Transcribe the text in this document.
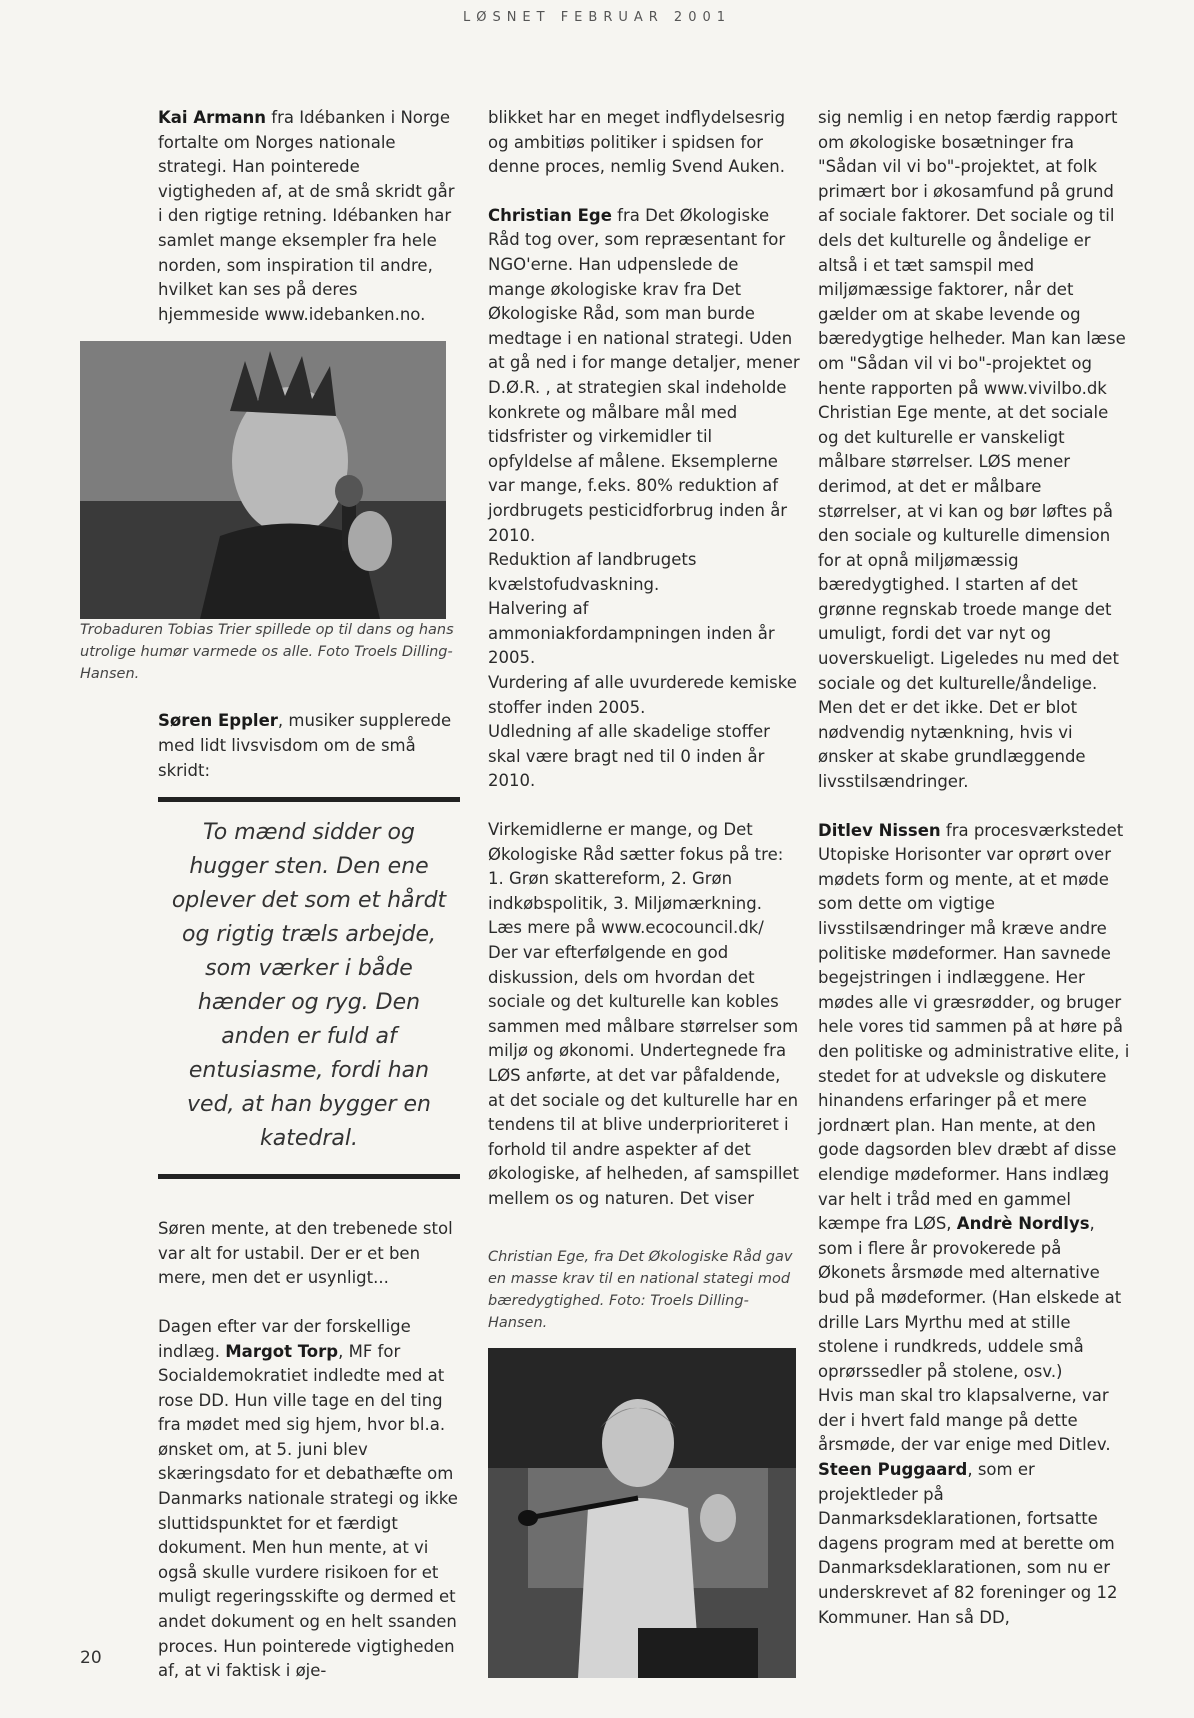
LØSNET FEBRUAR 2001

Kai Armann fra Idébanken i Norge fortalte om Norges nationale strategi. Han pointerede vigtigheden af, at de små skridt går i den rigtige retning. Idébanken har samlet mange eksempler fra hele norden, som inspiration til andre, hvilket kan ses på deres hjemmeside www.idebanken.no.

Trobaduren Tobias Trier spillede op til dans og hans utrolige humør varmede os alle. Foto Troels Dilling-Hansen.

Søren Eppler, musiker supplerede med lidt livsvisdom om de små skridt:

To mænd sidder og hugger sten. Den ene oplever det som et hårdt og rigtig træls arbejde, som værker i både hænder og ryg. Den anden er fuld af entusiasme, fordi han ved, at han bygger en katedral.

Søren mente, at den trebenede stol var alt for ustabil. Der er et ben mere, men det er usynligt...

Dagen efter var der forskellige indlæg. Margot Torp, MF for Socialdemokratiet indledte med at rose DD. Hun ville tage en del ting fra mødet med sig hjem, hvor bl.a. ønsket om, at 5. juni blev skæringsdato for et debathæfte om Danmarks nationale strategi og ikke sluttidspunktet for et færdigt dokument. Men hun mente, at vi også skulle vurdere risikoen for et muligt regeringsskifte og dermed et andet dokument og en helt ssanden proces. Hun pointerede vigtigheden af, at vi faktisk i øje-

blikket har en meget indflydelsesrig og ambitiøs politiker i spidsen for denne proces, nemlig Svend Auken.

Christian Ege fra Det Økologiske Råd tog over, som repræsentant for NGO'erne. Han udpenslede de mange økologiske krav fra Det Økologiske Råd, som man burde medtage i en national strategi. Uden at gå ned i for mange detaljer, mener D.Ø.R. , at strategien skal indeholde konkrete og målbare mål med tidsfrister og virkemidler til opfyldelse af målene. Eksemplerne var mange, f.eks. 80% reduktion af jordbrugets pesticidforbrug inden år 2010.

Reduktion af landbrugets kvælstofudvaskning.

Halvering af ammoniakfordampningen inden år 2005.

Vurdering af alle uvurderede kemiske stoffer inden 2005.

Udledning af alle skadelige stoffer skal være bragt ned til 0 inden år 2010.

Virkemidlerne er mange, og Det Økologiske Råd sætter fokus på tre: 1. Grøn skattereform, 2. Grøn indkøbspolitik, 3. Miljømærkning. Læs mere på www.ecocouncil.dk/

Der var efterfølgende en god diskussion, dels om hvordan det sociale og det kulturelle kan kobles sammen med målbare størrelser som miljø og økonomi. Undertegnede fra LØS anførte, at det var påfaldende, at det sociale og det kulturelle har en tendens til at blive underprioriteret i forhold til andre aspekter af det økologiske, af helheden, af samspillet mellem os og naturen. Det viser

Christian Ege, fra Det Økologiske Råd gav en masse krav til en national stategi mod bæredygtighed. Foto: Troels Dilling-Hansen.

sig nemlig i en netop færdig rapport om økologiske bosætninger fra "Sådan vil vi bo"-projektet, at folk primært bor i økosamfund på grund af sociale faktorer. Det sociale og til dels det kulturelle og åndelige er altså i et tæt samspil med miljømæssige faktorer, når det gælder om at skabe levende og bæredygtige helheder. Man kan læse om "Sådan vil vi bo"-projektet og hente rapporten på www.vivilbo.dk

Christian Ege mente, at det sociale og det kulturelle er vanskeligt målbare størrelser. LØS mener derimod, at det er målbare størrelser, at vi kan og bør løftes på den sociale og kulturelle dimension for at opnå miljømæssig bæredygtighed. I starten af det grønne regnskab troede mange det umuligt, fordi det var nyt og uoverskueligt. Ligeledes nu med det sociale og det kulturelle/åndelige. Men det er det ikke. Det er blot nødvendig nytænkning, hvis vi ønsker at skabe grundlæggende livsstilsændringer.

Ditlev Nissen fra procesværkstedet Utopiske Horisonter var oprørt over mødets form og mente, at et møde som dette om vigtige livsstilsændringer må kræve andre politiske mødeformer. Han savnede begejstringen i indlæggene. Her mødes alle vi græsrødder, og bruger hele vores tid sammen på at høre på den politiske og administrative elite, i stedet for at udveksle og diskutere hinandens erfaringer på et mere jordnært plan. Han mente, at den gode dagsorden blev dræbt af disse elendige mødeformer. Hans indlæg var helt i tråd med en gammel kæmpe fra LØS, Andrè Nordlys, som i flere år provokerede på Økonets årsmøde med alternative bud på mødeformer. (Han elskede at drille Lars Myrthu med at stille stolene i rundkreds, uddele små oprørssedler på stolene, osv.)

Hvis man skal tro klapsalverne, var der i hvert fald mange på dette årsmøde, der var enige med Ditlev.

Steen Puggaard, som er projektleder på Danmarksdeklarationen, fortsatte dagens program med at berette om Danmarksdeklarationen, som nu er underskrevet af 82 foreninger og 12 Kommuner. Han så DD,

20
